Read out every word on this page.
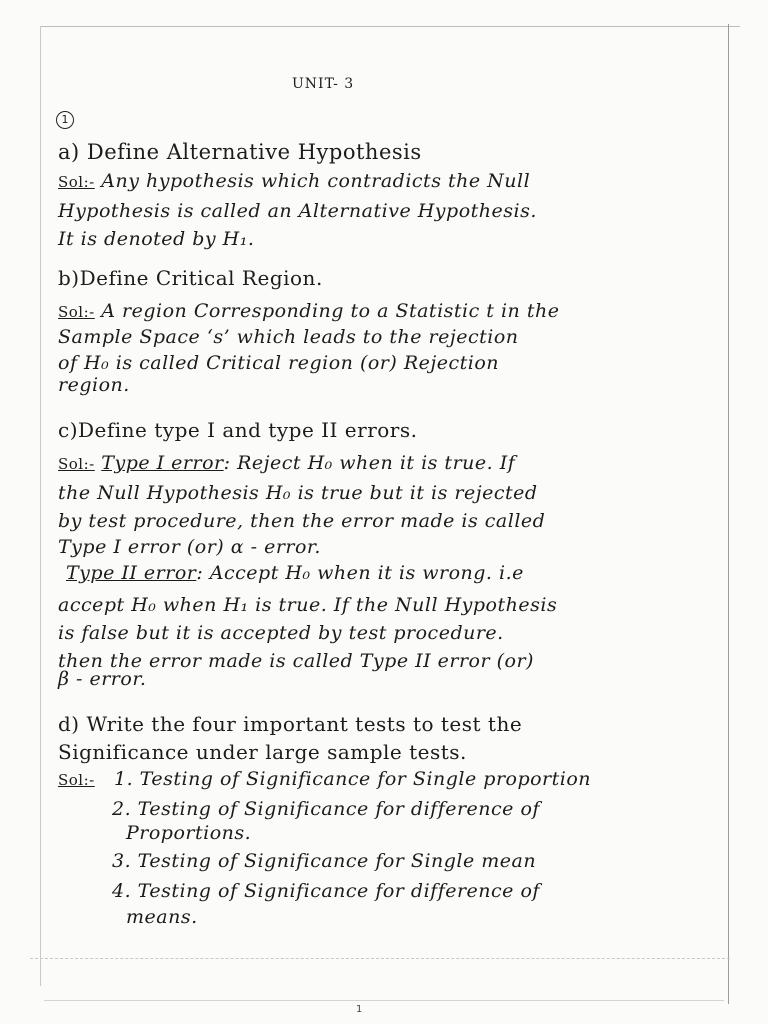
UNIT- 3
1
a) Define Alternative Hypothesis
Sol:- Any hypothesis which contradicts the Null
Hypothesis is called an Alternative Hypothesis.
It is denoted by H₁.
b)Define Critical Region.
Sol:- A region Corresponding to a Statistic t in the
Sample Space ‘s’ which leads to the rejection
of H₀ is called Critical region (or) Rejection
region.
c)Define type I and type II errors.
Sol:- Type I error: Reject H₀ when it is true. If
the Null Hypothesis H₀ is true but it is rejected
by test procedure, then the error made is called
Type I error (or) α - error.
Type II error: Accept H₀ when it is wrong. i.e
accept H₀ when H₁ is true. If the Null Hypothesis
is false but it is accepted by test procedure.
then the error made is called Type II error (or)
β - error.
d) Write the four important tests to test the
Significance under large sample tests.
Sol:- 1. Testing of Significance for Single proportion
2. Testing of Significance for difference of
Proportions.
3. Testing of Significance for Single mean
4. Testing of Significance for difference of
means.
1
